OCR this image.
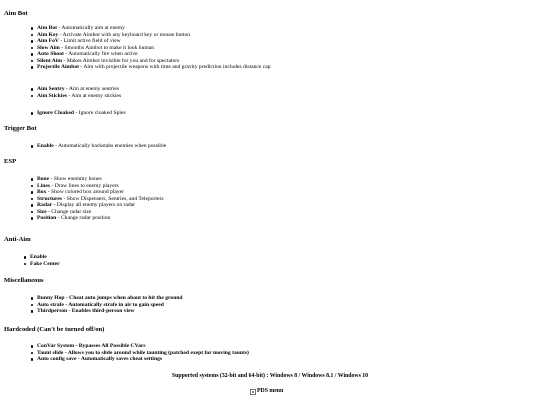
Aim Bot
Aim Bot - Automatically aim at enemy
Aim Key - Activate Aimbot with any keyboard key or mouse button
Aim FoV - Limit active field of view
Slow Aim - Smooths Aimbot to make it look human
Auto Shoot - Automatically fire when active
Silent Aim - Makes Aimbot invisible for you and for spectators
Projectile Aimbot - Aim with projectile weapons with time and gravity prediction includes distance cap
Aim Sentry - Aim at enemy sentries
Aim Stickies - Aim at enemy stickies
Ignore Cloaked - Ignore cloaked Spies
Trigger Bot
Enable - Automatically backstabs enemies when possible
ESP
Bone - Show enemmy bones
Lines - Draw lines to enemy players
Box - Show colored box around player
Structures - Show Dispensers, Sentries, and Teleporters
Radar - Display all enemy players on radar
Size - Change radar size
Position - Change radar position
Anti-Aim
Enable
Fake Center
Miscellaneous
Bunny Hop - Cheat auto jumps when about to hit the ground
Auto strafe - Automatically strafe in air to gain speed
Thirdperson - Enables third-person view
Hardcoded (Can't be turned off/on)
ConVar System - Bypasses All Possible CVars
Taunt slide - Allows you to slide around while taunting (patched exept for moving taunts)
Auto config save - Automatically saves cheat settings
Supported systems (32-bit and 64-bit) : Windows 8 / Windows 8.1 / Windows 10
PDS menu
